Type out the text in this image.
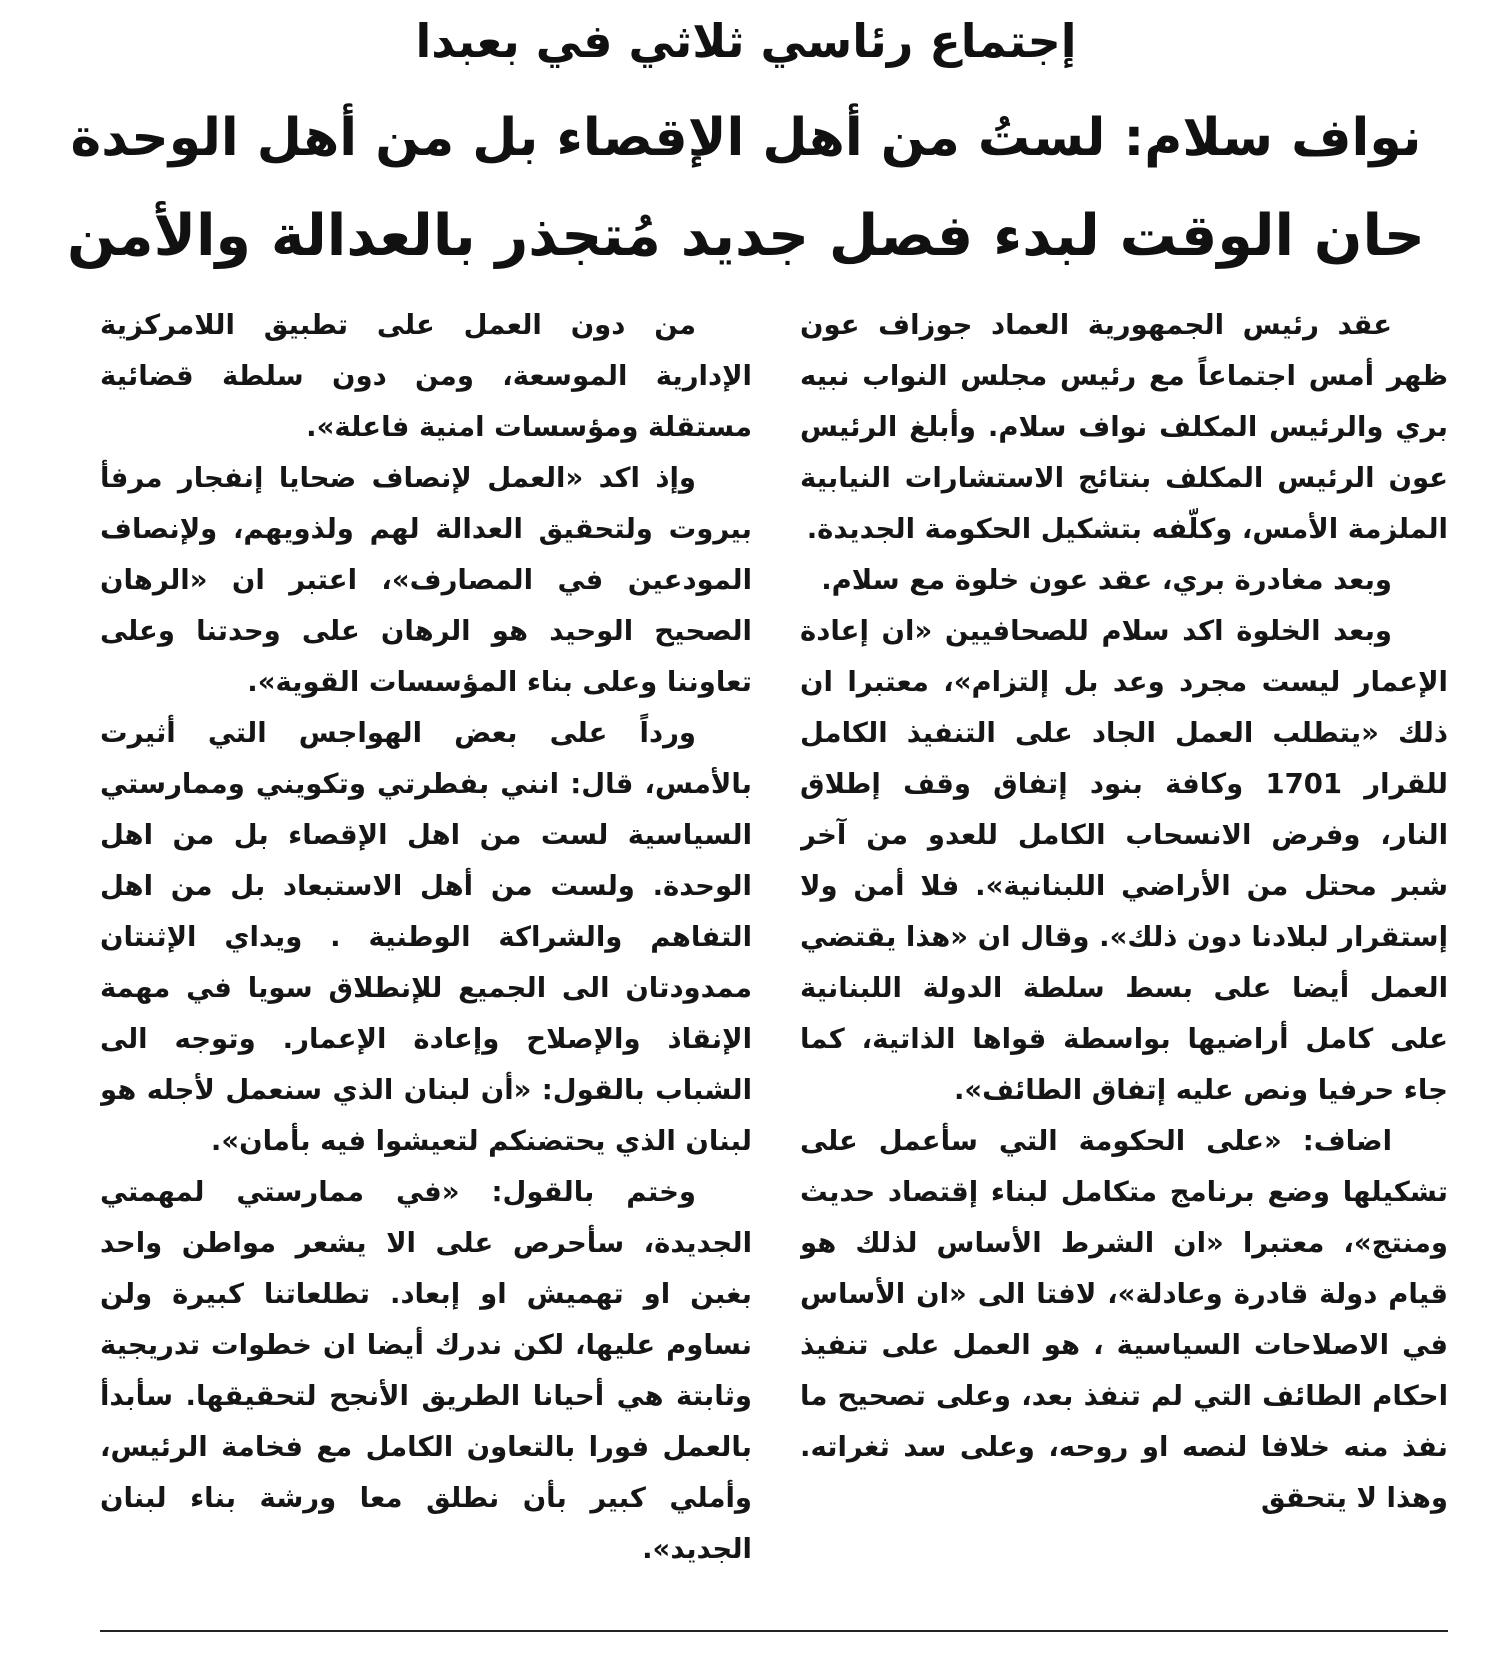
إجتماع رئاسي ثلاثي في بعبدا
نواف سلام: لستُ من أهل الإقصاء بل من أهل الوحدة
حان الوقت لبدء فصل جديد مُتجذر بالعدالة والأمن

عقد رئيس الجمهورية العماد جوزاف عون ظهر أمس اجتماعاً مع رئيس مجلس النواب نبيه بري والرئيس المكلف نواف سلام. وأبلغ الرئيس عون الرئيس المكلف بنتائج الاستشارات النيابية الملزمة الأمس، وكلّفه بتشكيل الحكومة الجديدة.

وبعد مغادرة بري، عقد عون خلوة مع سلام.

وبعد الخلوة اكد سلام للصحافيين «ان إعادة الإعمار ليست مجرد وعد بل إلتزام»، معتبرا ان ذلك «يتطلب العمل الجاد على التنفيذ الكامل للقرار 1701 وكافة بنود إتفاق وقف إطلاق النار، وفرض الانسحاب الكامل للعدو من آخر شبر محتل من الأراضي اللبنانية». فلا أمن ولا إستقرار لبلادنا دون ذلك». وقال ان «هذا يقتضي العمل أيضا على بسط سلطة الدولة اللبنانية على كامل أراضيها بواسطة قواها الذاتية، كما جاء حرفيا ونص عليه إتفاق الطائف».

اضاف: «على الحكومة التي سأعمل على تشكيلها وضع برنامج متكامل لبناء إقتصاد حديث ومنتج»، معتبرا «ان الشرط الأساس لذلك هو قيام دولة قادرة وعادلة»، لافتا الى «ان الأساس في الاصلاحات السياسية ، هو العمل على تنفيذ احكام الطائف التي لم تنفذ بعد، وعلى تصحيح ما نفذ منه خلافا لنصه او روحه، وعلى سد ثغراته. وهذا لا يتحقق

من دون العمل على تطبيق اللامركزية الإدارية الموسعة، ومن دون سلطة قضائية مستقلة ومؤسسات امنية فاعلة».

وإذ اكد «العمل لإنصاف ضحايا إنفجار مرفأ بيروت ولتحقيق العدالة لهم ولذويهم، ولإنصاف المودعين في المصارف»، اعتبر ان «الرهان الصحيح الوحيد هو الرهان على وحدتنا وعلى تعاوننا وعلى بناء المؤسسات القوية».

ورداً على بعض الهواجس التي أثيرت بالأمس، قال: انني بفطرتي وتكويني وممارستي السياسية لست من اهل الإقصاء بل من اهل الوحدة. ولست من أهل الاستبعاد بل من اهل التفاهم والشراكة الوطنية . ويداي الإثنتان ممدودتان الى الجميع للإنطلاق سويا في مهمة الإنقاذ والإصلاح وإعادة الإعمار. وتوجه الى الشباب بالقول: «أن لبنان الذي سنعمل لأجله هو لبنان الذي يحتضنكم لتعيشوا فيه بأمان».

وختم بالقول: «في ممارستي لمهمتي الجديدة، سأحرص على الا يشعر مواطن واحد بغبن او تهميش او إبعاد. تطلعاتنا كبيرة ولن نساوم عليها، لكن ندرك أيضا ان خطوات تدريجية وثابتة هي أحيانا الطريق الأنجح لتحقيقها. سأبدأ بالعمل فورا بالتعاون الكامل مع فخامة الرئيس، وأملي كبير بأن نطلق معا ورشة بناء لبنان الجديد».
